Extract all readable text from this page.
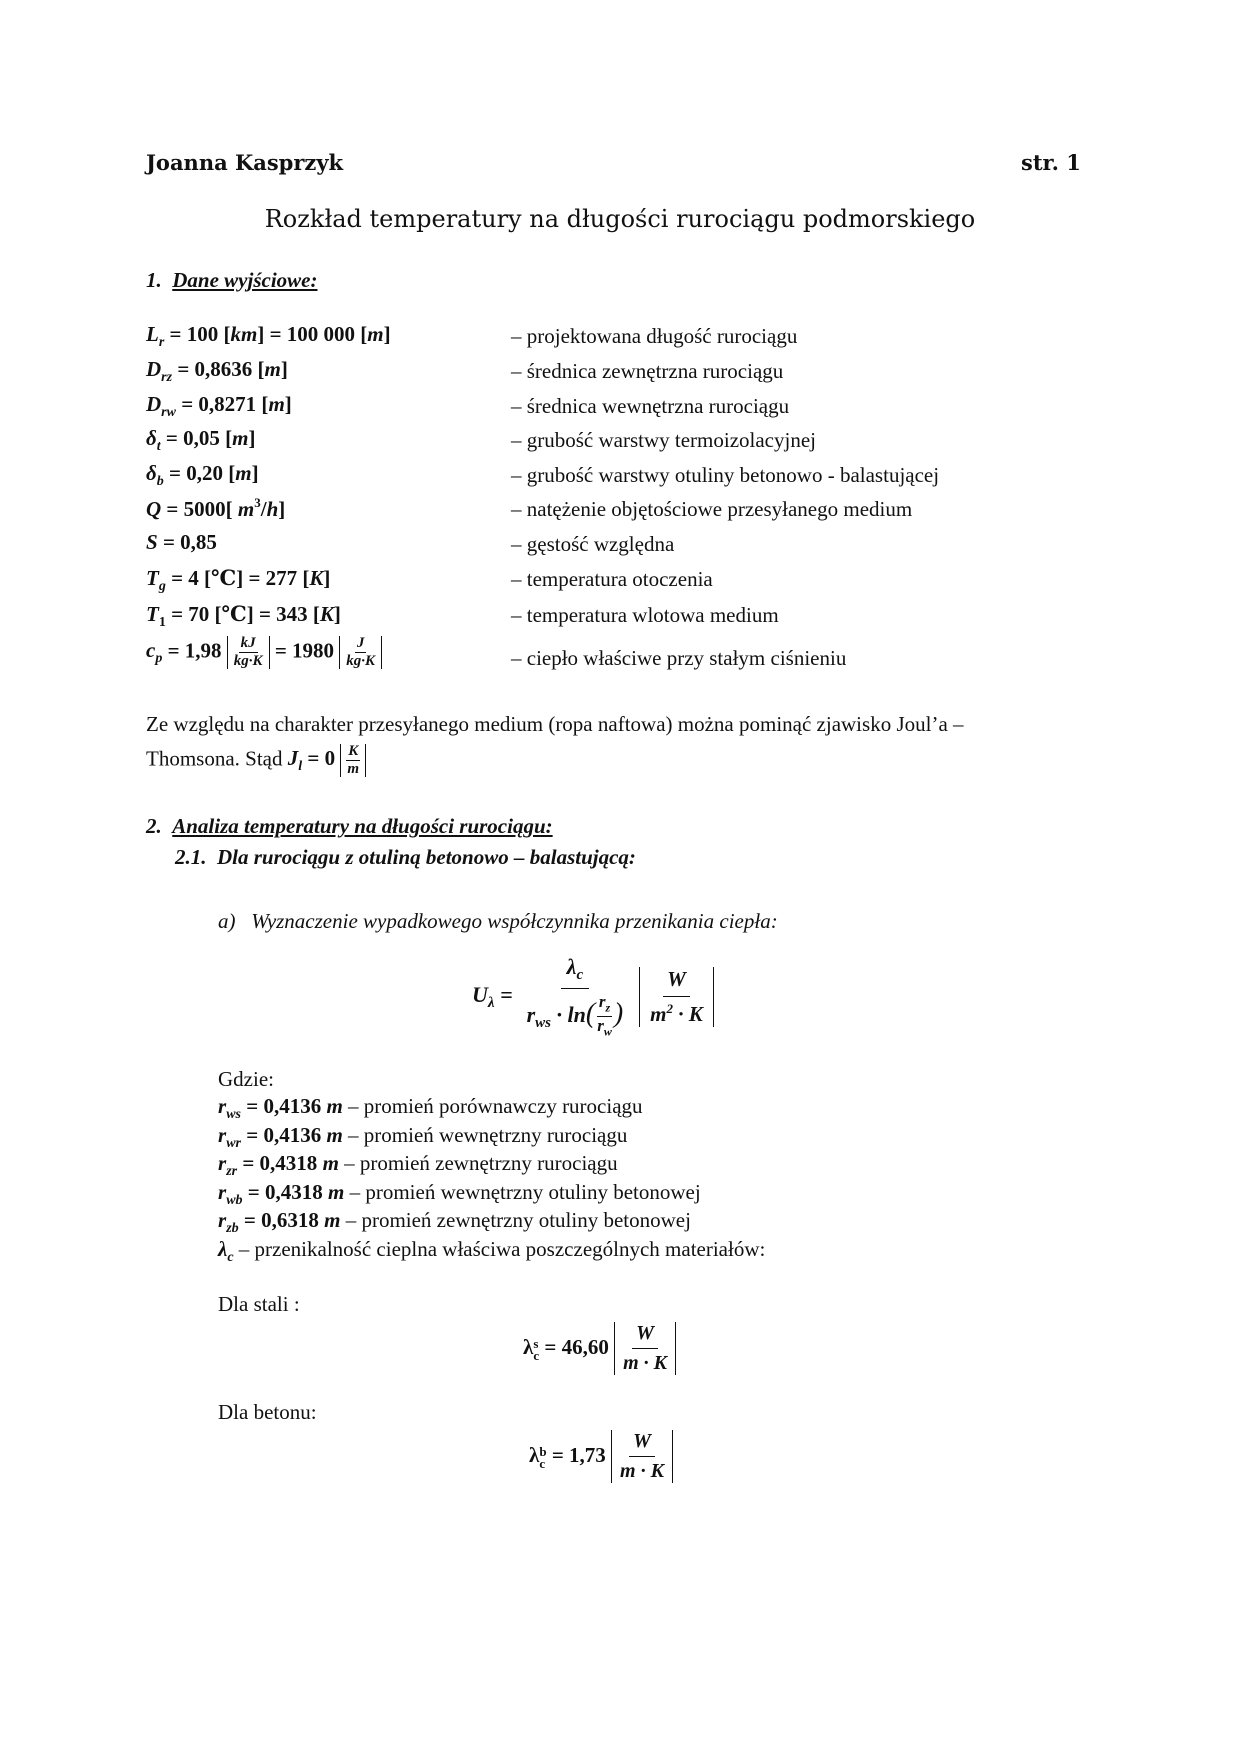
Joanna Kasprzyk	str. 1
Rozkład temperatury na długości rurociągu podmorskiego
1. Dane wyjściowe:
$L_r = 100$ [km] = 100 000 [m]
$D_{rz} = 0,8636$ [m]
$D_{rw} = 0,8271$ [m]
$\delta_t = 0,05$ [m]
$\delta_b = 0,20$ [m]
Q = 5000[ $m^3/h$]
S = 0,85
$T_g = 4$ [℃] = 277 [K]
$T_1 = 70$ [℃] = 343 [K]
$c_p = 1,98 \frac{kJ}{kg\cdot K} = 1980 \frac{J}{kg\cdot K}$
– projektowana długość rurociągu
– średnica zewnętrzna rurociągu
– średnica wewnętrzna rurociągu
– grubość warstwy termoizolacyjnej
– grubość warstwy otuliny betonowo - balastującej
– natężenie objętościowe przesyłanego medium
– gęstość względna
– temperatura otoczenia
– temperatura wlotowa medium
– ciepło właściwe przy stałym ciśnieniu
Ze względu na charakter przesyłanego medium (ropa naftowa) można pominąć zjawisko Joul’a –
Thomsona. Stąd $J_l = 0 \frac{K}{m}$
2. Analiza temperatury na długości rurociągu:
2.1. Dla rurociągu z otuliną betonowo – balastującą:
a) Wyznaczenie wypadkowego współczynnika przenikania ciepła:
$U_\lambda = \frac{\lambda_c}{r_{ws} \cdot \ln( \frac{r_z}{r_w} )} \frac{W}{m^2 \cdot K}$
Gdzie:
$r_{ws} = 0,4136$ m – promień porównawczy rurociągu
$r_{wr} = 0,4136$ m – promień wewnętrzny rurociągu
$r_{zr} = 0,4318$ m – promień zewnętrzny rurociągu
$r_{wb} = 0,4318$ m – promień wewnętrzny otuliny betonowej
$r_{zb} = 0,6318$ m – promień zewnętrzny otuliny betonowej
$\lambda_c$ – przenikalność cieplna właściwa poszczególnych materiałów:
Dla stali :
λ s
$c = 46,60 \frac{W}{m \cdot K}$
Dla betonu:
λ b
$c = 1,73 \frac{W}{m \cdot K}$
